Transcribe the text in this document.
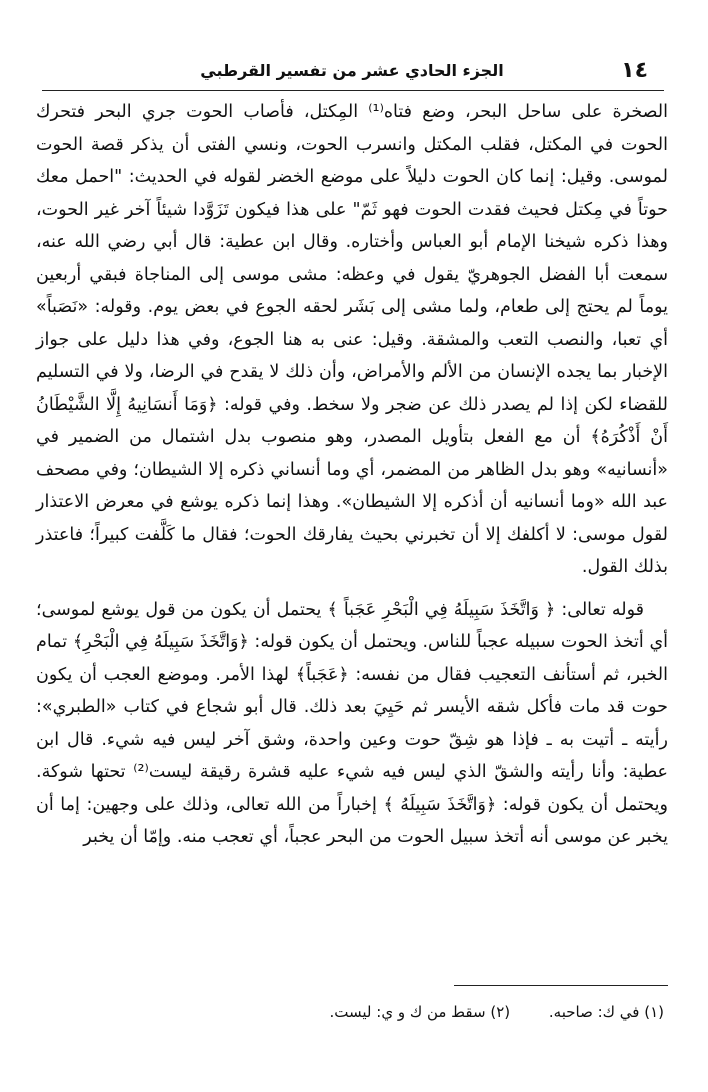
١٤
الجزء الحادي عشر من تفسير القرطبي

الصخرة على ساحل البحر، وضع فتاه⁽¹⁾ المِكتل، فأصاب الحوت جري البحر فتحرك الحوت في المكتل، فقلب المكتل وانسرب الحوت، ونسي الفتى أن يذكر قصة الحوت لموسى. وقيل: إنما كان الحوت دليلاً على موضع الخضر لقوله في الحديث: "احمل معك حوتاً في مِكتل فحيث فقدت الحوت فهو ثَمّ" على هذا فيكون تَزَوَّدا شيئاً آخر غير الحوت، وهذا ذكره شيخنا الإمام أبو العباس وأختاره. وقال ابن عطية: قال أبي رضي الله عنه، سمعت أبا الفضل الجوهريّ يقول في وعظه: مشى موسى إلى المناجاة فبقي أربعين يوماً لم يحتج إلى طعام، ولما مشى إلى بَشَر لحقه الجوع في بعض يوم. وقوله: «نَصَباً» أي تعبا، والنصب التعب والمشقة. وقيل: عنى به هنا الجوع، وفي هذا دليل على جواز الإخبار بما يجده الإنسان من الألم والأمراض، وأن ذلك لا يقدح في الرضا، ولا في التسليم للقضاء لكن إذا لم يصدر ذلك عن ضجر ولا سخط. وفي قوله: ﴿وَمَا أَنسَانِيهُ إِلَّا الشَّيْطَانُ أَنْ أَذْكُرَهُ﴾ أن مع الفعل بتأويل المصدر، وهو منصوب بدل اشتمال من الضمير في «أنسانيه» وهو بدل الظاهر من المضمر، أي وما أنساني ذكره إلا الشيطان؛ وفي مصحف عبد الله «وما أنسانيه أن أذكره إلا الشيطان». وهذا إنما ذكره يوشع في معرض الاعتذار لقول موسى: لا أكلفك إلا أن تخبرني بحيث يفارقك الحوت؛ فقال ما كَلَّفت كبيراً؛ فاعتذر بذلك القول.

قوله تعالى: ﴿ وَاتَّخَذَ سَبِيلَهُ فِي الْبَحْرِ عَجَباً ﴾ يحتمل أن يكون من قول يوشع لموسى؛ أي أتخذ الحوت سبيله عجباً للناس. ويحتمل أن يكون قوله: ﴿وَاتَّخَذَ سَبِيلَهُ فِي الْبَحْرِ﴾ تمام الخبر، ثم أستأنف التعجيب فقال من نفسه: ﴿عَجَباً﴾ لهذا الأمر. وموضع العجب أن يكون حوت قد مات فأكل شقه الأيسر ثم حَيِيَ بعد ذلك. قال أبو شجاع في كتاب «الطبري»: رأيته ـ أتيت به ـ فإذا هو شِقّ حوت وعين واحدة، وشق آخر ليس فيه شيء. قال ابن عطية: وأنا رأيته والشقّ الذي ليس فيه شيء عليه قشرة رقيقة ليست⁽²⁾ تحتها شوكة. ويحتمل أن يكون قوله: ﴿وَاتَّخَذَ سَبِيلَهُ ﴾ إخباراً من الله تعالى، وذلك على وجهين: إما أن يخبر عن موسى أنه أتخذ سبيل الحوت من البحر عجباً، أي تعجب منه. وإمّا أن يخبر

(١) في ك: صاحبه. (٢) سقط من ك و ي: ليست.
